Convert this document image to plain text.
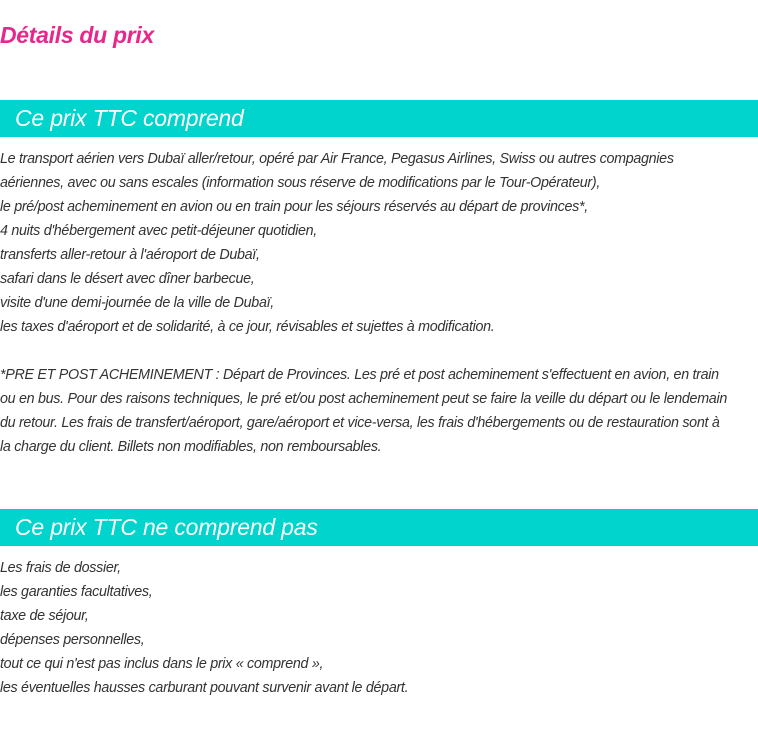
Détails du prix
Ce prix TTC comprend
Le transport aérien vers Dubaï aller/retour, opéré par Air France, Pegasus Airlines, Swiss ou autres compagnies
aériennes, avec ou sans escales (information sous réserve de modifications par le Tour-Opérateur),
le pré/post acheminement en avion ou en train pour les séjours réservés au départ de provinces*,
4 nuits d'hébergement avec petit-déjeuner quotidien,
transferts aller-retour à l'aéroport de Dubaï,
safari dans le désert avec dîner barbecue,
visite d'une demi-journée de la ville de Dubaï,
les taxes d'aéroport et de solidarité, à ce jour, révisables et sujettes à modification.
*PRE ET POST ACHEMINEMENT : Départ de Provinces. Les pré et post acheminement s'effectuent en avion, en train
ou en bus. Pour des raisons techniques, le pré et/ou post acheminement peut se faire la veille du départ ou le lendemain
du retour. Les frais de transfert/aéroport, gare/aéroport et vice-versa, les frais d'hébergements ou de restauration sont à
la charge du client. Billets non modifiables, non remboursables.
Ce prix TTC ne comprend pas
Les frais de dossier,
les garanties facultatives,
taxe de séjour,
dépenses personnelles,
tout ce qui n'est pas inclus dans le prix « comprend »,
les éventuelles hausses carburant pouvant survenir avant le départ.
